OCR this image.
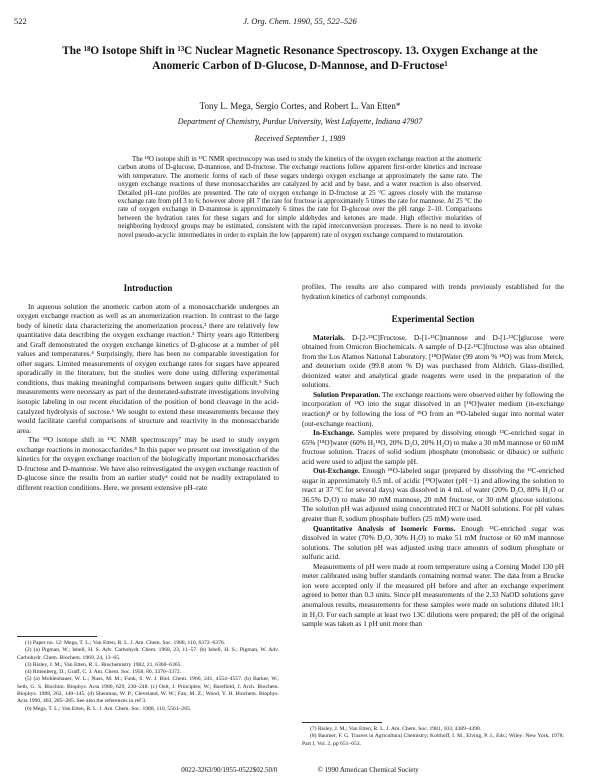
522	J. Org. Chem. 1990, 55, 522–526
The ¹⁸O Isotope Shift in ¹³C Nuclear Magnetic Resonance Spectroscopy. 13. Oxygen Exchange at the Anomeric Carbon of D-Glucose, D-Mannose, and D-Fructose¹
Tony L. Mega, Sergio Cortes, and Robert L. Van Etten*
Department of Chemistry, Purdue University, West Lafayette, Indiana 47907
Received September 1, 1989
The ¹⁸O isotope shift in ¹³C NMR spectroscopy was used to study the kinetics of the oxygen exchange reaction at the anomeric carbon atoms of D-glucose, D-mannose, and D-fructose. The exchange reactions follow apparent first-order kinetics and increase with temperature. The anomeric forms of each of these sugars undergo oxygen exchange at approximately the same rate. The oxygen exchange reactions of these monosaccharides are catalyzed by acid and by base, and a water reaction is also observed. Detailed pH–rate profiles are presented. The rate of oxygen exchange in D-fructose at 25 °C agrees closely with the mutarose exchange rate from pH 3 to 6; however above pH 7 the rate for fructose is approximately 5 times the rate for mannose. At 25 °C the rate of oxygen exchange in D-mannose is approximately 6 times the rate for D-glucose over the pH range 2–10. Comparisons between the hydration rates for these sugars and for simple aldehydes and ketones are made. High effective molarities of neighboring hydroxyl groups may be estimated, consistent with the rapid interconversion processes. There is no need to invoke novel pseudo-acyclic intermediates in order to explain the low (apparent) rate of oxygen exchange compared to mutarotation.
Introduction

In aqueous solution the anomeric carbon atom of a monosaccharide undergoes an oxygen exchange reaction as well as an anomerization reaction. In contrast to the large body of kinetic data characterizing the anomerization process,² there are relatively few quantitative data describing the oxygen exchange reaction.³ Thirty years ago Rittenberg and Graff demonstrated the oxygen exchange kinetics of D-glucose at a number of pH values and temperatures.⁴ Surprisingly, there has been no comparable investigation for other sugars. Limited measurements of oxygen exchange rates for sugars have appeared sporadically in the literature, but the studies were done using differing experimental conditions, thus making meaningful comparisons between sugars quite difficult.⁵ Such measurements were necessary as part of the deuterated-substrate investigations involving isotopic labeling in our recent elucidation of the position of bond cleavage in the acid-catalyzed hydrolysis of sucrose.⁶ We sought to extend these measurements because they would facilitate careful comparisons of structure and reactivity in the monosaccharide area.

The ¹⁸O isotope shift in ¹³C NMR spectroscopy⁷ may be used to study oxygen exchange reactions in monosaccharides.⁸ In this paper we present our investigation of the kinetics for the oxygen exchange reaction of the biologically important monosaccharides D-fructose and D-mannose. We have also reinvestigated the oxygen exchange reaction of D-glucose since the results from an earlier study⁴ could not be readily extrapolated to different reaction conditions. Here, we present extensive pH–rate

(1) Paper no. 12: Mega, T. L.; Van Etten, R. L. J. Am. Chem. Soc. 1988, 110, 6372–6376.

(2) (a) Pigman, W.; Isbell, H. S. Adv. Carbohydr. Chem. 1968, 23, 11–57. (b) Isbell, H. S.; Pigman, W. Adv. Carbohydr. Chem. Biochem. 1969, 24, 13–65.

(3) Risley, J. M.; Van Etten, R. L. Biochemistry 1982, 21, 6360–6365.

(4) Rittenberg, D.; Graff, C. J. Am. Chem. Soc. 1958, 80, 3370–3372.

(5) (a) Mohlenhauer, W. L.; Nuss, M. M.; Funk, S. W. J. Biol. Chem. 1966, 241, 4554–4557. (b) Barker, W.; Seib, G. S. Biochim. Biophys. Acta 1980, 629, 230–248. (c) Oelt, J. Principles; W.; Barefield, J. Arch. Biochem. Biophys. 1988, 262, 140–145. (d) Shenman, W. P.; Cleveland, W. W.; Fan, M. Z.; Wood, Y. H. Biochem. Biophys. Acta 1990, 403, 285–285. See also the references in ref 3.

(6) Mega, T. L.; Van Etten, R. L. J. Am. Chem. Soc. 1988, 110, 5561–265.

profiles. The results are also compared with trends previously established for the hydration kinetics of carbonyl compounds.

Experimental Section

Materials. D-[2-¹³C]Fructose, D-[1-¹³C]mannose and D-[1-¹³C]glucose were obtained from Omicron Biochemicals. A sample of D-[2-¹³C]fructose was also obtained from the Los Alamos National Laboratory. [¹⁸O]Water (99 atom % ¹⁸O) was from Merck, and deuterium oxide (99.8 atom % D) was purchased from Aldrich. Glass-distilled, deionized water and analytical grade reagents were used in the preparation of the solutions.

Solution Preparation. The exchange reactions were observed either by following the incorporation of ¹⁸O into the sugar dissolved in an [¹⁸O]water medium (in-exchange reaction)⁸ or by following the loss of ¹⁸O from an ¹⁸O-labeled sugar into normal water (out-exchange reaction).

In-Exchange. Samples were prepared by dissolving enough ¹³C-enriched sugar in 65% [¹⁸O]water (60% H₂¹⁸O, 20% D₂O, 20% H₂O) to make a 30 mM mannose or 60 mM fructose solution. Traces of solid sodium phosphate (monobasic or dibasic) or sulfuric acid were used to adjust the sample pH.

Out-Exchange. Enough ¹⁸O-labeled sugar (prepared by dissolving the ¹³C-enriched sugar in approximately 0.5 mL of acidic [¹⁸O]water (pH ~1) and allowing the solution to react at 37 °C for several days) was dissolved in 4 mL of water (20% D₂O, 80% H₂O or 36.5% D₂O) to make 30 mM mannose, 20 mM fructose, or 30 mM glucose solutions. The solution pH was adjusted using concentrated HCl or NaOH solutions. For pH values greater than 8, sodium phosphate buffers (25 mM) were used.

Quantitative Analysis of Isomeric Forms. Enough ¹³C-enriched sugar was dissolved in water (70% D₂O, 30% H₂O) to make 51 mM fructose or 60 mM mannose solutions. The solution pH was adjusted using trace amounts of sodium phosphate or sulfuric acid.

Measurements of pH were made at room temperature using a Corning Model 130 pH meter calibrated using buffer standards containing normal water. The data from a Brucke ion were accepted only if the measured pH before and after an exchange experiment agreed to better than 0.3 units. Since pH measurements of the 2.33 NaOD solutions gave anomalous results, measurements for these samples were made on solutions diluted 10:1 in H₂O. For each sample at least two 13C dilutions were prepared; the pH of the original sample was taken as 1 pH unit more than

(7) Risley, J. M.; Van Etten, R. L. J. Am. Chem. Soc. 1981, 103, 4389–4390.

(8) Baumer, F. G. Tracers in Agricultural Chemistry; Kolthoff, I. M., Elving, P. J., Eds.; Wiley: New York, 1978; Part I, Vol. 2, pp 651–653.

0022-3263/90/1955-0522$02.50/0	© 1990 American Chemical Society
